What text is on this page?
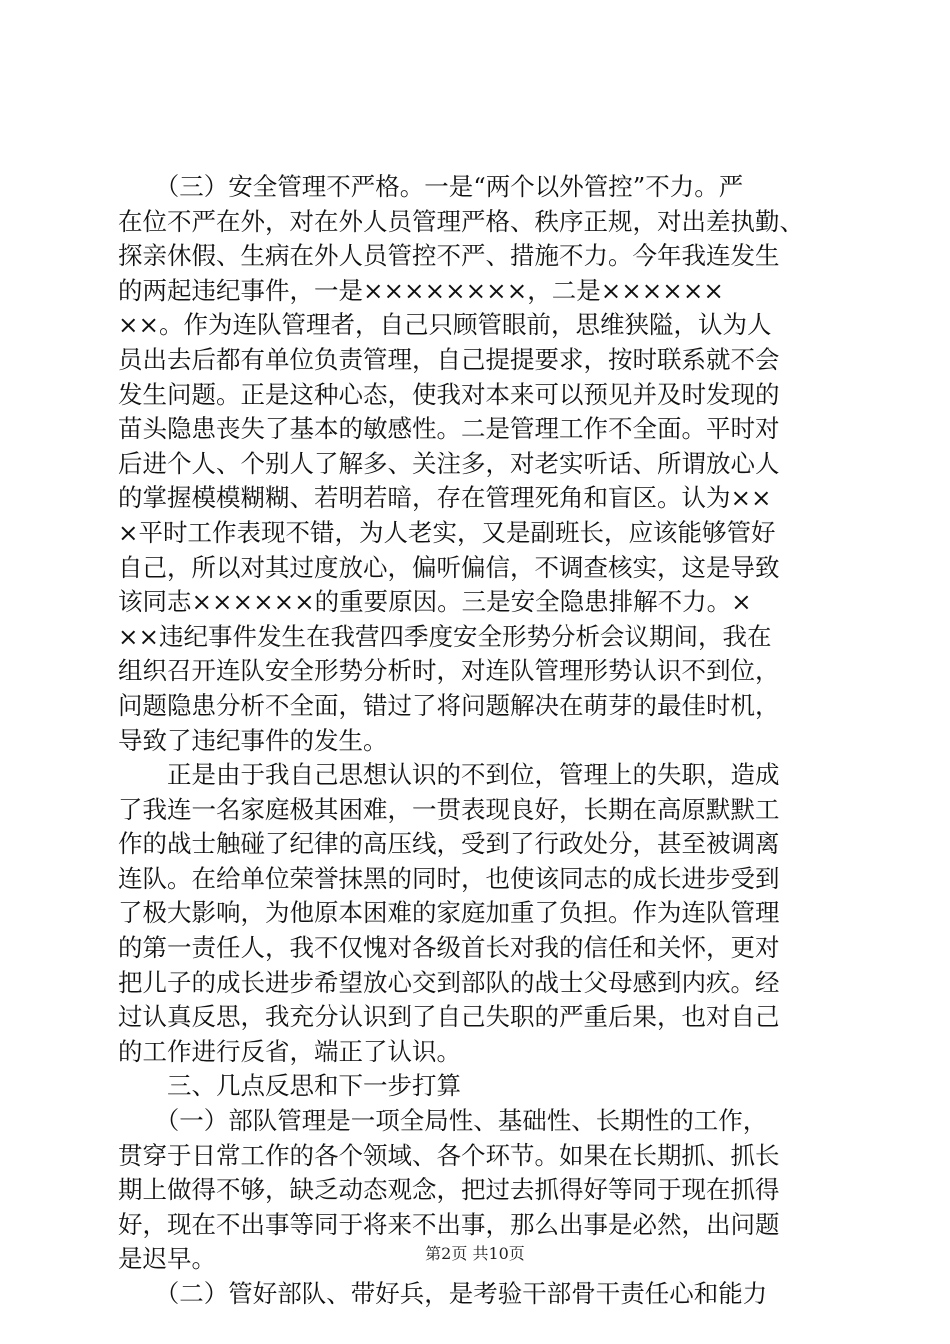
　　（三）安全管理不严格。一是“两个以外管控”不力。严
在位不严在外，对在外人员管理严格、秩序正规，对出差执勤、
探亲休假、生病在外人员管控不严、措施不力。今年我连发生
的两起违纪事件，一是××××××××，二是××××××
××。作为连队管理者，自己只顾管眼前，思维狭隘，认为人
员出去后都有单位负责管理，自己提提要求，按时联系就不会
发生问题。正是这种心态，使我对本来可以预见并及时发现的
苗头隐患丧失了基本的敏感性。二是管理工作不全面。平时对
后进个人、个别人了解多、关注多，对老实听话、所谓放心人
的掌握模模糊糊、若明若暗，存在管理死角和盲区。认为××
×平时工作表现不错，为人老实，又是副班长，应该能够管好
自己，所以对其过度放心，偏听偏信，不调查核实，这是导致
该同志××××××的重要原因。三是安全隐患排解不力。×
××违纪事件发生在我营四季度安全形势分析会议期间，我在
组织召开连队安全形势分析时，对连队管理形势认识不到位，
问题隐患分析不全面，错过了将问题解决在萌芽的最佳时机，
导致了违纪事件的发生。
　　正是由于我自己思想认识的不到位，管理上的失职，造成
了我连一名家庭极其困难，一贯表现良好，长期在高原默默工
作的战士触碰了纪律的高压线，受到了行政处分，甚至被调离
连队。在给单位荣誉抹黑的同时，也使该同志的成长进步受到
了极大影响，为他原本困难的家庭加重了负担。作为连队管理
的第一责任人，我不仅愧对各级首长对我的信任和关怀，更对
把儿子的成长进步希望放心交到部队的战士父母感到内疚。经
过认真反思，我充分认识到了自己失职的严重后果，也对自己
的工作进行反省，端正了认识。
　　三、几点反思和下一步打算
　　（一）部队管理是一项全局性、基础性、长期性的工作，
贯穿于日常工作的各个领域、各个环节。如果在长期抓、抓长
期上做得不够，缺乏动态观念，把过去抓得好等同于现在抓得
好，现在不出事等同于将来不出事，那么出事是必然，出问题
是迟早。
　　（二）管好部队、带好兵，是考验干部骨干责任心和能力
第2页 共10页
